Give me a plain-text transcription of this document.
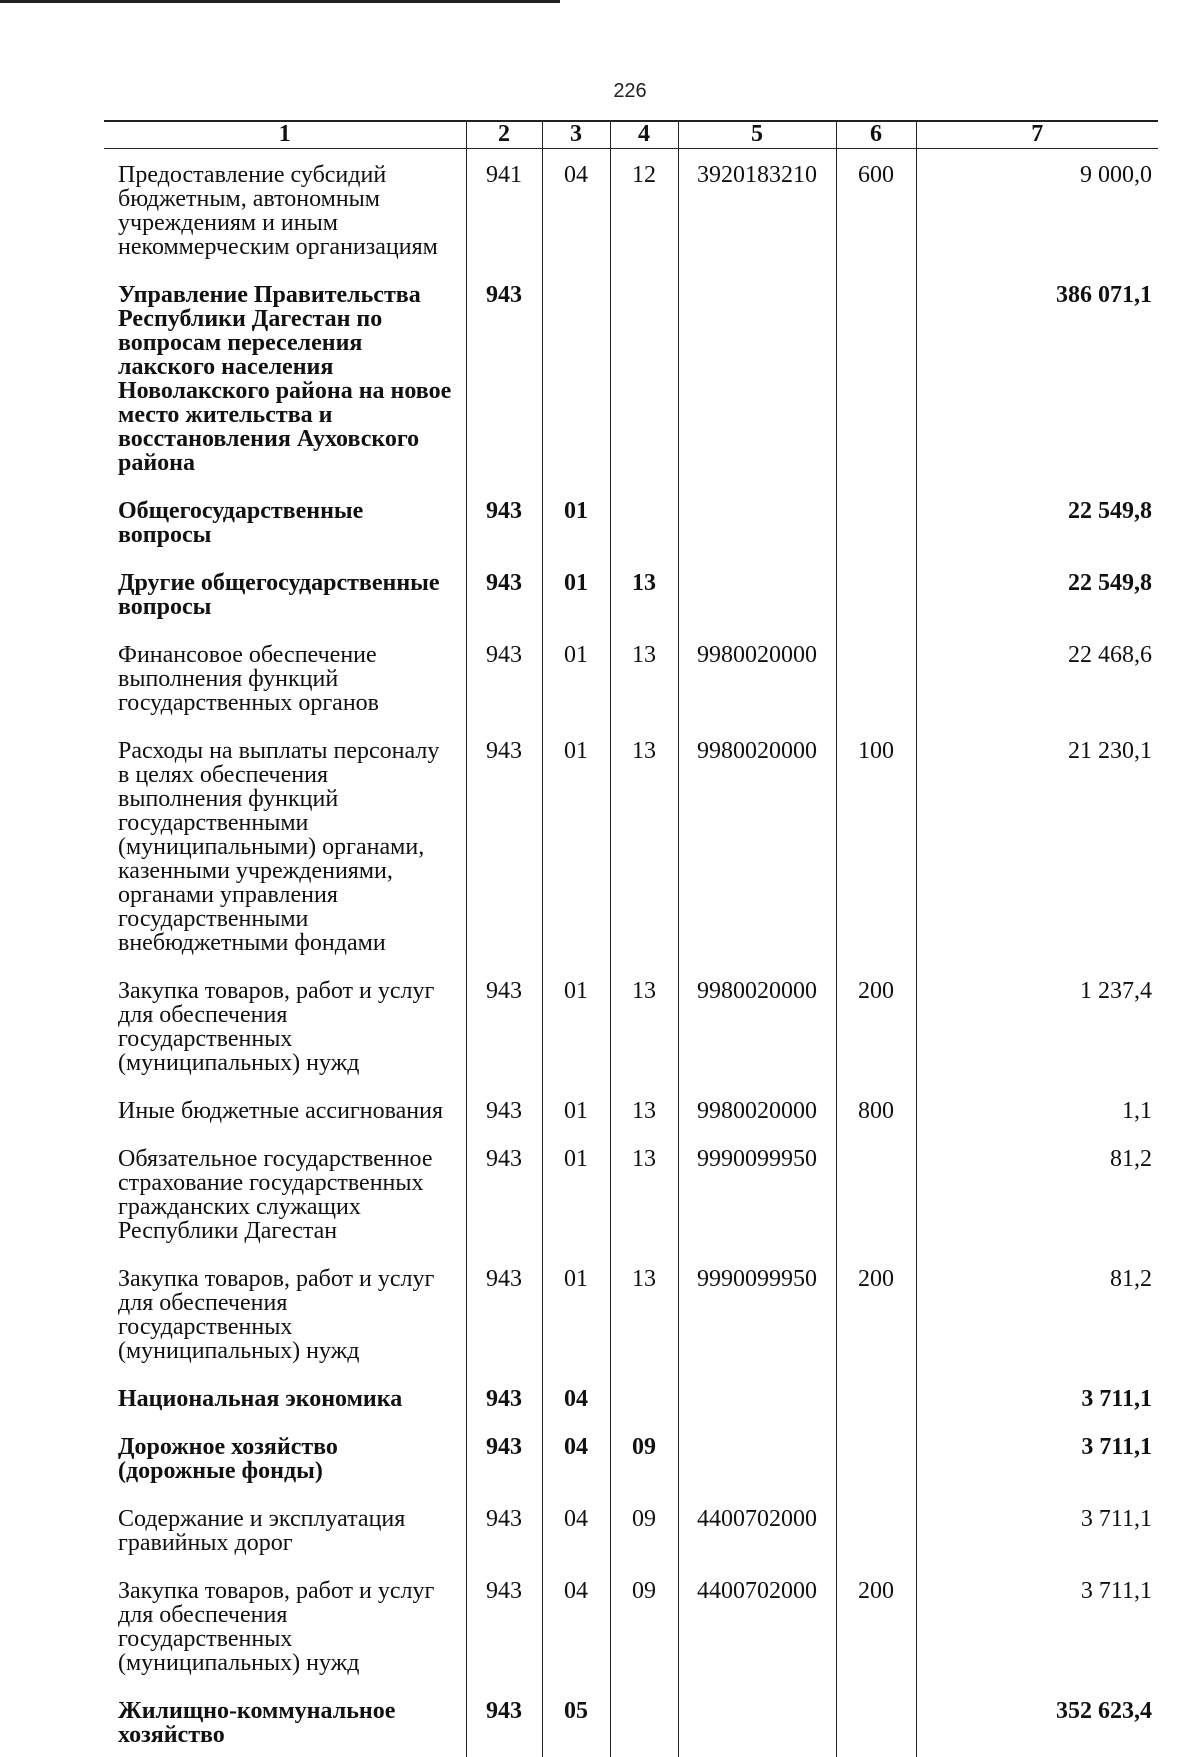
226
1	2	3	4	5	6	7
Предоставление субсидий бюджетным, автономным учреждениям и иным некоммерческим организациям	941	04	12	3920183210	600	9 000,0
Управление Правительства Республики Дагестан по вопросам переселения лакского населения Новолакского района на новое место жительства и восстановления Ауховского района	943					386 071,1
Общегосударственные вопросы	943	01				22 549,8
Другие общегосударственные вопросы	943	01	13			22 549,8
Финансовое обеспечение выполнения функций государственных органов	943	01	13	9980020000		22 468,6
Расходы на выплаты персоналу в целях обеспечения выполнения функций государственными (муниципальными) органами, казенными учреждениями, органами управления государственными внебюджетными фондами	943	01	13	9980020000	100	21 230,1
Закупка товаров, работ и услуг для обеспечения государственных (муниципальных) нужд	943	01	13	9980020000	200	1 237,4
Иные бюджетные ассигнования	943	01	13	9980020000	800	1,1
Обязательное государственное страхование государственных гражданских служащих Республики Дагестан	943	01	13	9990099950		81,2
Закупка товаров, работ и услуг для обеспечения государственных (муниципальных) нужд	943	01	13	9990099950	200	81,2
Национальная экономика	943	04				3 711,1
Дорожное хозяйство (дорожные фонды)	943	04	09			3 711,1
Содержание и эксплуатация гравийных дорог	943	04	09	4400702000		3 711,1
Закупка товаров, работ и услуг для обеспечения государственных (муниципальных) нужд	943	04	09	4400702000	200	3 711,1
Жилищно-коммунальное хозяйство	943	05				352 623,4
